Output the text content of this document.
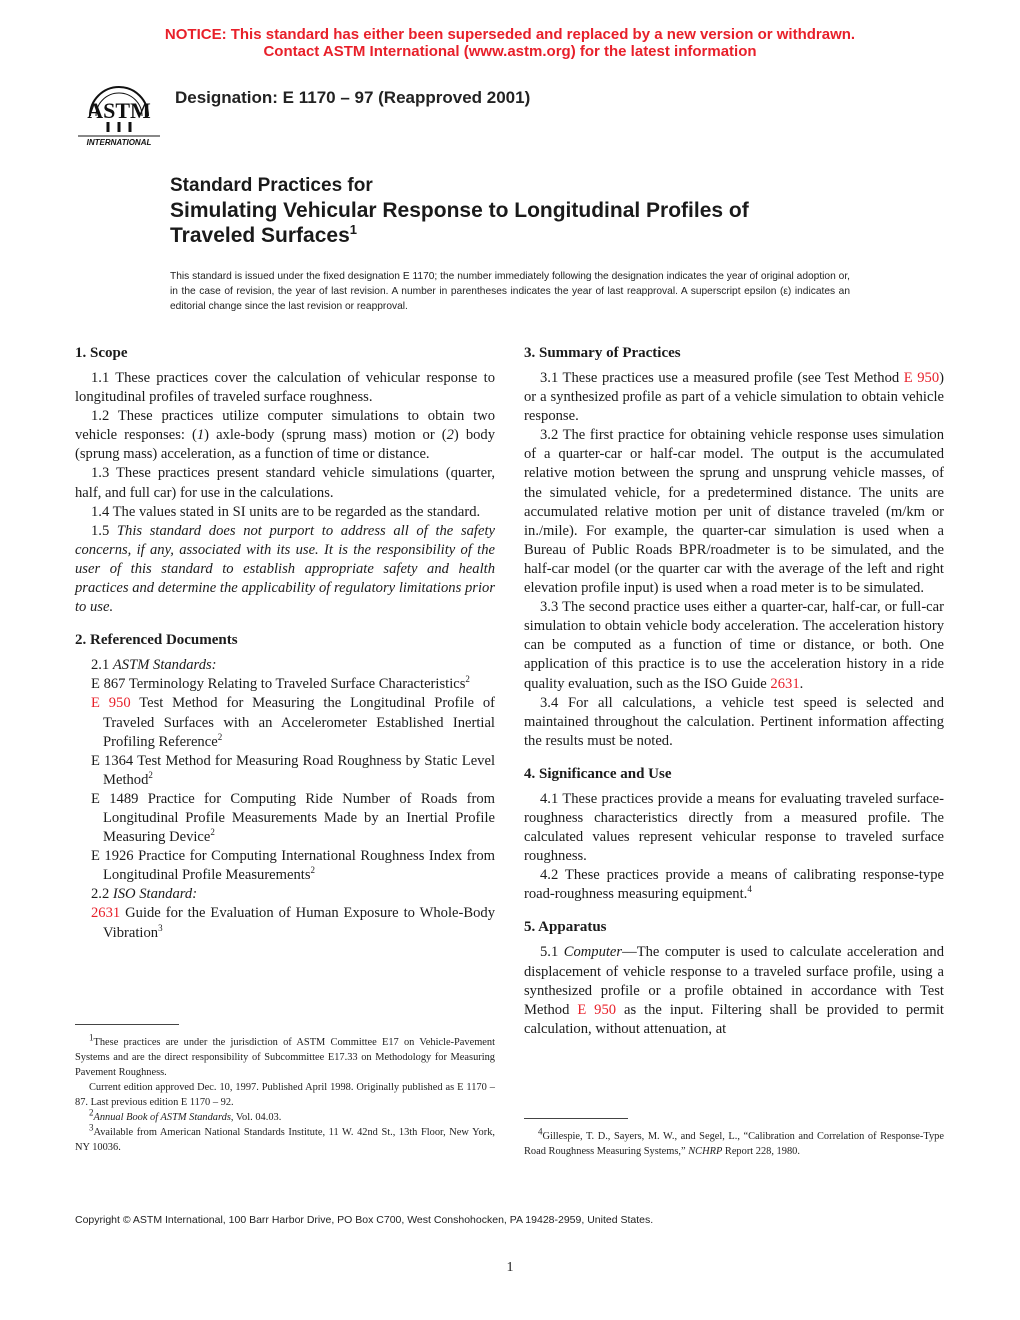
NOTICE: This standard has either been superseded and replaced by a new version or withdrawn.
Contact ASTM International (www.astm.org) for the latest information
ASTM
INTERNATIONAL
Designation: E 1170 – 97 (Reapproved 2001)
Standard Practices for
Simulating Vehicular Response to Longitudinal Profiles of
Traveled Surfaces$^1$
This standard is issued under the fixed designation E 1170; the number immediately following the designation indicates the year of original adoption or, in the case of revision, the year of last revision. A number in parentheses indicates the year of last reapproval. A superscript epsilon (ε) indicates an editorial change since the last revision or reapproval.
1. Scope

1.1 These practices cover the calculation of vehicular response to longitudinal profiles of traveled surface roughness.

1.2 These practices utilize computer simulations to obtain two vehicle responses: (1) axle-body (sprung mass) motion or (2) body (sprung mass) acceleration, as a function of time or distance.

1.3 These practices present standard vehicle simulations (quarter, half, and full car) for use in the calculations.

1.4 The values stated in SI units are to be regarded as the standard.

1.5 This standard does not purport to address all of the safety concerns, if any, associated with its use. It is the responsibility of the user of this standard to establish appropriate safety and health practices and determine the applicability of regulatory limitations prior to use.

2. Referenced Documents

2.1 ASTM Standards:

E 867 Terminology Relating to Traveled Surface Characteristics$^2$

E 950 Test Method for Measuring the Longitudinal Profile of Traveled Surfaces with an Accelerometer Established Inertial Profiling Reference$^2$

E 1364 Test Method for Measuring Road Roughness by Static Level Method$^2$

E 1489 Practice for Computing Ride Number of Roads from Longitudinal Profile Measurements Made by an Inertial Profile Measuring Device$^2$

E 1926 Practice for Computing International Roughness Index from Longitudinal Profile Measurements$^2$

2.2 ISO Standard:

2631 Guide for the Evaluation of Human Exposure to Whole-Body Vibration$^3$

$^1$These practices are under the jurisdiction of ASTM Committee E17 on Vehicle-Pavement Systems and are the direct responsibility of Subcommittee E17.33 on Methodology for Measuring Pavement Roughness.

Current edition approved Dec. 10, 1997. Published April 1998. Originally published as E 1170 – 87. Last previous edition E 1170 – 92.

$^2$Annual Book of ASTM Standards, Vol. 04.03.

$^3$Available from American National Standards Institute, 11 W. 42nd St., 13th Floor, New York, NY 10036.

3. Summary of Practices

3.1 These practices use a measured profile (see Test Method E 950) or a synthesized profile as part of a vehicle simulation to obtain vehicle response.

3.2 The first practice for obtaining vehicle response uses simulation of a quarter-car or half-car model. The output is the accumulated relative motion between the sprung and unsprung vehicle masses, of the simulated vehicle, for a predetermined distance. The units are accumulated relative motion per unit of distance traveled (m/km or in./mile). For example, the quarter-car simulation is used when a Bureau of Public Roads BPR/roadmeter is to be simulated, and the half-car model (or the quarter car with the average of the left and right elevation profile input) is used when a road meter is to be simulated.

3.3 The second practice uses either a quarter-car, half-car, or full-car simulation to obtain vehicle body acceleration. The acceleration history can be computed as a function of time or distance, or both. One application of this practice is to use the acceleration history in a ride quality evaluation, such as the ISO Guide 2631.

3.4 For all calculations, a vehicle test speed is selected and maintained throughout the calculation. Pertinent information affecting the results must be noted.

4. Significance and Use

4.1 These practices provide a means for evaluating traveled surface-roughness characteristics directly from a measured profile. The calculated values represent vehicular response to traveled surface roughness.

4.2 These practices provide a means of calibrating response-type road-roughness measuring equipment.$^4$

5. Apparatus

5.1 Computer—The computer is used to calculate acceleration and displacement of vehicle response to a traveled surface profile, using a synthesized profile or a profile obtained in accordance with Test Method E 950 as the input. Filtering shall be provided to permit calculation, without attenuation, at

$^4$Gillespie, T. D., Sayers, M. W., and Segel, L., “Calibration and Correlation of Response-Type Road Roughness Measuring Systems,” NCHRP Report 228, 1980.

Copyright © ASTM International, 100 Barr Harbor Drive, PO Box C700, West Conshohocken, PA 19428-2959, United States.
1
